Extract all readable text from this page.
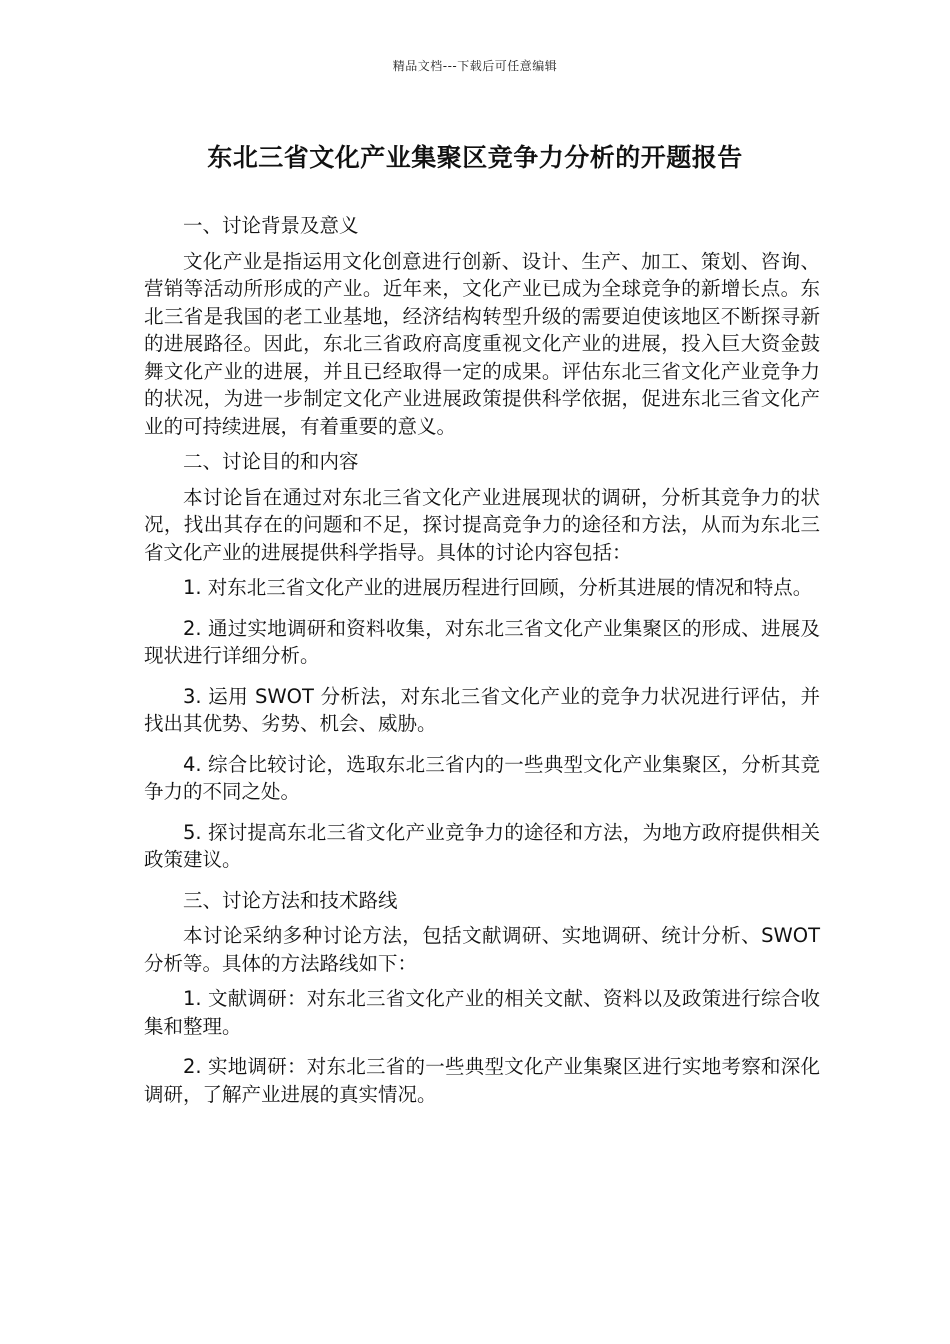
精品文档---下载后可任意编辑
东北三省文化产业集聚区竞争力分析的开题报告

一、讨论背景及意义

文化产业是指运用文化创意进行创新、设计、生产、加工、策划、咨询、营销等活动所形成的产业。近年来，文化产业已成为全球竞争的新增长点。东北三省是我国的老工业基地，经济结构转型升级的需要迫使该地区不断探寻新的进展路径。因此，东北三省政府高度重视文化产业的进展，投入巨大资金鼓舞文化产业的进展，并且已经取得一定的成果。评估东北三省文化产业竞争力的状况，为进一步制定文化产业进展政策提供科学依据，促进东北三省文化产业的可持续进展，有着重要的意义。

二、讨论目的和内容

本讨论旨在通过对东北三省文化产业进展现状的调研，分析其竞争力的状况，找出其存在的问题和不足，探讨提高竞争力的途径和方法，从而为东北三省文化产业的进展提供科学指导。具体的讨论内容包括：

1. 对东北三省文化产业的进展历程进行回顾，分析其进展的情况和特点。

2. 通过实地调研和资料收集，对东北三省文化产业集聚区的形成、进展及现状进行详细分析。

3. 运用 SWOT 分析法，对东北三省文化产业的竞争力状况进行评估，并找出其优势、劣势、机会、威胁。

4. 综合比较讨论，选取东北三省内的一些典型文化产业集聚区，分析其竞争力的不同之处。

5. 探讨提高东北三省文化产业竞争力的途径和方法，为地方政府提供相关政策建议。

三、讨论方法和技术路线

本讨论采纳多种讨论方法，包括文献调研、实地调研、统计分析、SWOT 分析等。具体的方法路线如下：

1. 文献调研：对东北三省文化产业的相关文献、资料以及政策进行综合收集和整理。

2. 实地调研：对东北三省的一些典型文化产业集聚区进行实地考察和深化调研，了解产业进展的真实情况。
